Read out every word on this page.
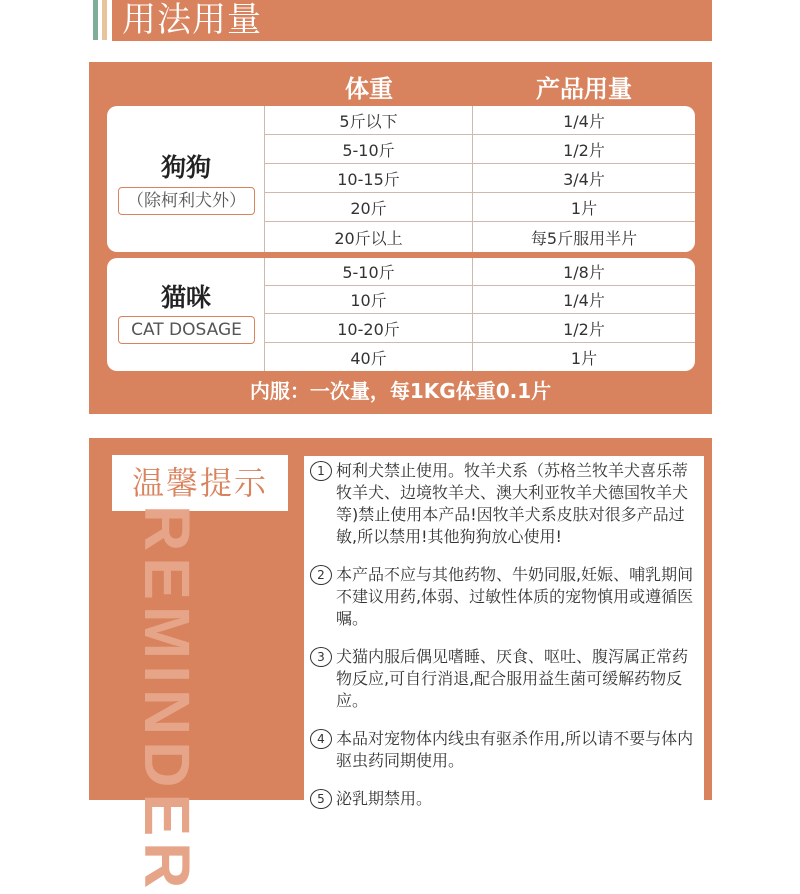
用法用量
体重	产品用量
狗狗
（除柯利犬外）
5斤以下	1/4片
5-10斤	1/2片
10-15斤	3/4片
20斤	1片
20斤以上	每5斤服用半片
猫咪
CAT DOSAGE
5-10斤	1/8片
10斤	1/4片
10-20斤	1/2片
40斤	1片
内服：一次量，每1KG体重0.1片
温馨提示
REMINDER
1 柯利犬禁止使用。牧羊犬系（苏格兰牧羊犬喜乐蒂牧羊犬、边境牧羊犬、澳大利亚牧羊犬德国牧羊犬等)禁止使用本产品!因牧羊犬系皮肤对很多产品过敏,所以禁用!其他狗狗放心使用!
2 本产品不应与其他药物、牛奶同服,妊娠、哺乳期间不建议用药,体弱、过敏性体质的宠物慎用或遵循医嘱。
3 犬猫内服后偶见嗜睡、厌食、呕吐、腹泻属正常药物反应,可自行消退,配合服用益生菌可缓解药物反应。
4 本品对宠物体内线虫有驱杀作用,所以请不要与体内驱虫药同期使用。
5 泌乳期禁用。
